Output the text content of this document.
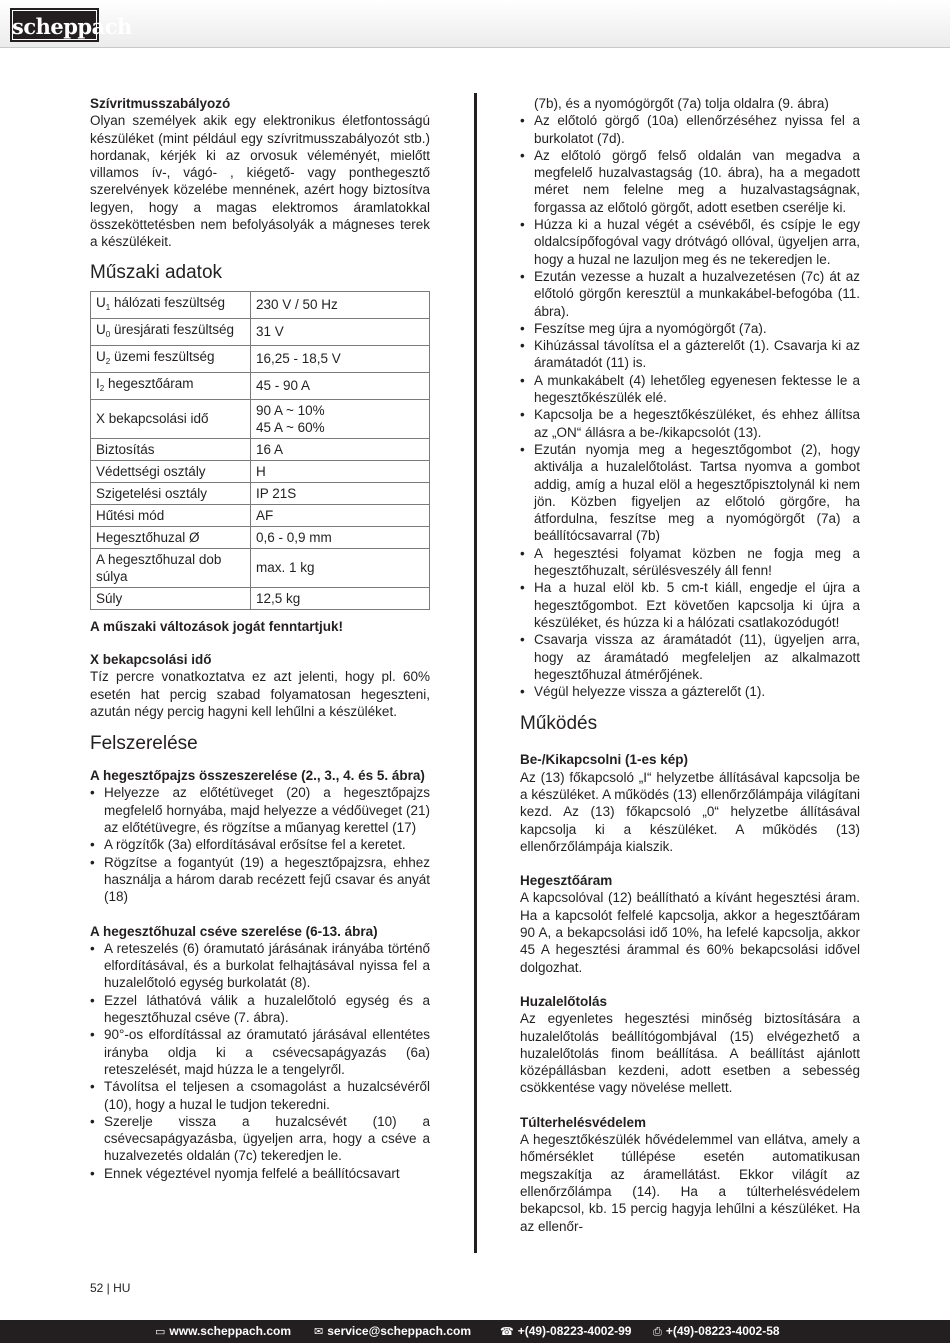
scheppach

Szívritmusszabályozó

Olyan személyek akik egy elektronikus életfontosságú készüléket (mint például egy szívritmusszabályozót stb.) hordanak, kérjék ki az orvosuk véleményét, mielőtt villamos ív-, vágó- , kiégető- vagy ponthegesztő szerelvények közelébe mennének, azért hogy biztosítva legyen, hogy a magas elektromos áramlatokkal összeköttetésben nem befolyásolyák a mágneses terek a készülékeit.

Műszaki adatok
$U_1$ hálózati feszültség	230 V / 50 Hz
$U_0$ üresjárati feszültség	31 V
$U_2$ üzemi feszültség	16,25 - 18,5 V
$I_2$ hegesztőáram	45 - 90 A
X bekapcsolási idő	90 A ~ 10%
45 A ~ 60%
Biztosítás	16 A
Védettségi osztály	H
Szigetelési osztály	IP 21S
Hűtési mód	AF
Hegesztőhuzal Ø	0,6 - 0,9 mm
A hegesztőhuzal dob súlya	max. 1 kg
Súly	12,5 kg

A műszaki változások jogát fenntartjuk!

X bekapcsolási idő

Tíz percre vonatkoztatva ez azt jelenti, hogy pl. 60% esetén hat percig szabad folyamatosan hegeszteni, azután négy percig hagyni kell lehűlni a készüléket.

Felszerelése

A hegesztőpajzs összeszerelése (2., 3., 4. és 5. ábra)

• Helyezze az előtétüveget (20) a hegesztőpajzs megfelelő hornyába, majd helyezze a védőüveget (21) az előtétüvegre, és rögzítse a műanyag kerettel (17)
• A rögzítők (3a) elfordításával erősítse fel a keretet.
• Rögzítse a fogantyút (19) a hegesztőpajzsra, ehhez használja a három darab recézett fejű csavar és anyát (18)

A hegesztőhuzal cséve szerelése (6-13. ábra)

• A reteszelés (6) óramutató járásának irányába történő elfordításával, és a burkolat felhajtásával nyissa fel a huzalelőtoló egység burkolatát (8).
• Ezzel láthatóvá válik a huzalelőtoló egység és a hegesztőhuzal cséve (7. ábra).
• 90°-os elfordítással az óramutató járásával ellentétes irányba oldja ki a csévecsapágyazás (6a) reteszelését, majd húzza le a tengelyről.
• Távolítsa el teljesen a csomagolást a huzalcsévéről (10), hogy a huzal le tudjon tekeredni.
• Szerelje vissza a huzalcsévét (10) a csévecsapágyazásba, ügyeljen arra, hogy a cséve a huzalvezetés oldalán (7c) tekeredjen le.
• Ennek végeztével nyomja felfelé a beállítócsavart

(7b), és a nyomógörgőt (7a) tolja oldalra (9. ábra)

• Az előtoló görgő (10a) ellenőrzéséhez nyissa fel a burkolatot (7d).
• Az előtoló görgő felső oldalán van megadva a megfelelő huzalvastagság (10. ábra), ha a megadott méret nem felelne meg a huzalvastagságnak, forgassa az előtoló görgőt, adott esetben cserélje ki.
• Húzza ki a huzal végét a csévéből, és csípje le egy oldalcsípőfogóval vagy drótvágó ollóval, ügyeljen arra, hogy a huzal ne lazuljon meg és ne tekeredjen le.
• Ezután vezesse a huzalt a huzalvezetésen (7c) át az előtoló görgőn keresztül a munkakábel-befogóba (11. ábra).
• Feszítse meg újra a nyomógörgőt (7a).
• Kihúzással távolítsa el a gázterelőt (1). Csavarja ki az áramátadót (11) is.
• A munkakábelt (4) lehetőleg egyenesen fektesse le a hegesztőkészülék elé.
• Kapcsolja be a hegesztőkészüléket, és ehhez állítsa az „ON“ állásra a be-/kikapcsolót (13).
• Ezután nyomja meg a hegesztőgombot (2), hogy aktiválja a huzalelőtolást. Tartsa nyomva a gombot addig, amíg a huzal elöl a hegesztőpisztolynál ki nem jön. Közben figyeljen az előtoló görgőre, ha átfordulna, feszítse meg a nyomógörgőt (7a) a beállítócsavarral (7b)
• A hegesztési folyamat közben ne fogja meg a hegesztőhuzalt, sérülésveszély áll fenn!
• Ha a huzal elöl kb. 5 cm-t kiáll, engedje el újra a hegesztőgombot. Ezt követően kapcsolja ki újra a készüléket, és húzza ki a hálózati csatlakozódugót!
• Csavarja vissza az áramátadót (11), ügyeljen arra, hogy az áramátadó megfeleljen az alkalmazott hegesztőhuzal átmérőjének.
• Végül helyezze vissza a gázterelőt (1).
Működés

Be-/Kikapcsolni (1-es kép)

Az (13) főkapcsoló „I“ helyzetbe állításával kapcsolja be a készüléket. A működés (13) ellenőrzőlámpája világítani kezd. Az (13) főkapcsoló „0“ helyzetbe állításával kapcsolja ki a készüléket. A működés (13) ellenőrzőlámpája kialszik.

Hegesztőáram

A kapcsolóval (12) beállítható a kívánt hegesztési áram. Ha a kapcsolót felfelé kapcsolja, akkor a hegesztőáram 90 A, a bekapcsolási idő 10%, ha lefelé kapcsolja, akkor 45 A hegesztési árammal és 60% bekapcsolási idővel dolgozhat.

Huzalelőtolás

Az egyenletes hegesztési minőség biztosítására a huzalelőtolás beállítógombjával (15) elvégezhető a huzalelőtolás finom beállítása. A beállítást ajánlott középállásban kezdeni, adott esetben a sebesség csökkentése vagy növelése mellett.

Túlterhelésvédelem

A hegesztőkészülék hővédelemmel van ellátva, amely a hőmérséklet túllépése esetén automatikusan megszakítja az áramellátást. Ekkor világít az ellenőrzőlámpa (14). Ha a túlterhelésvédelem bekapcsol, kb. 15 percig hagyja lehűlni a készüléket. Ha az ellenőr-

52 | HU
▭ www.scheppach.com ✉ service@scheppach.com	☎ +(49)-08223-4002-99 ⎙ +(49)-08223-4002-58
